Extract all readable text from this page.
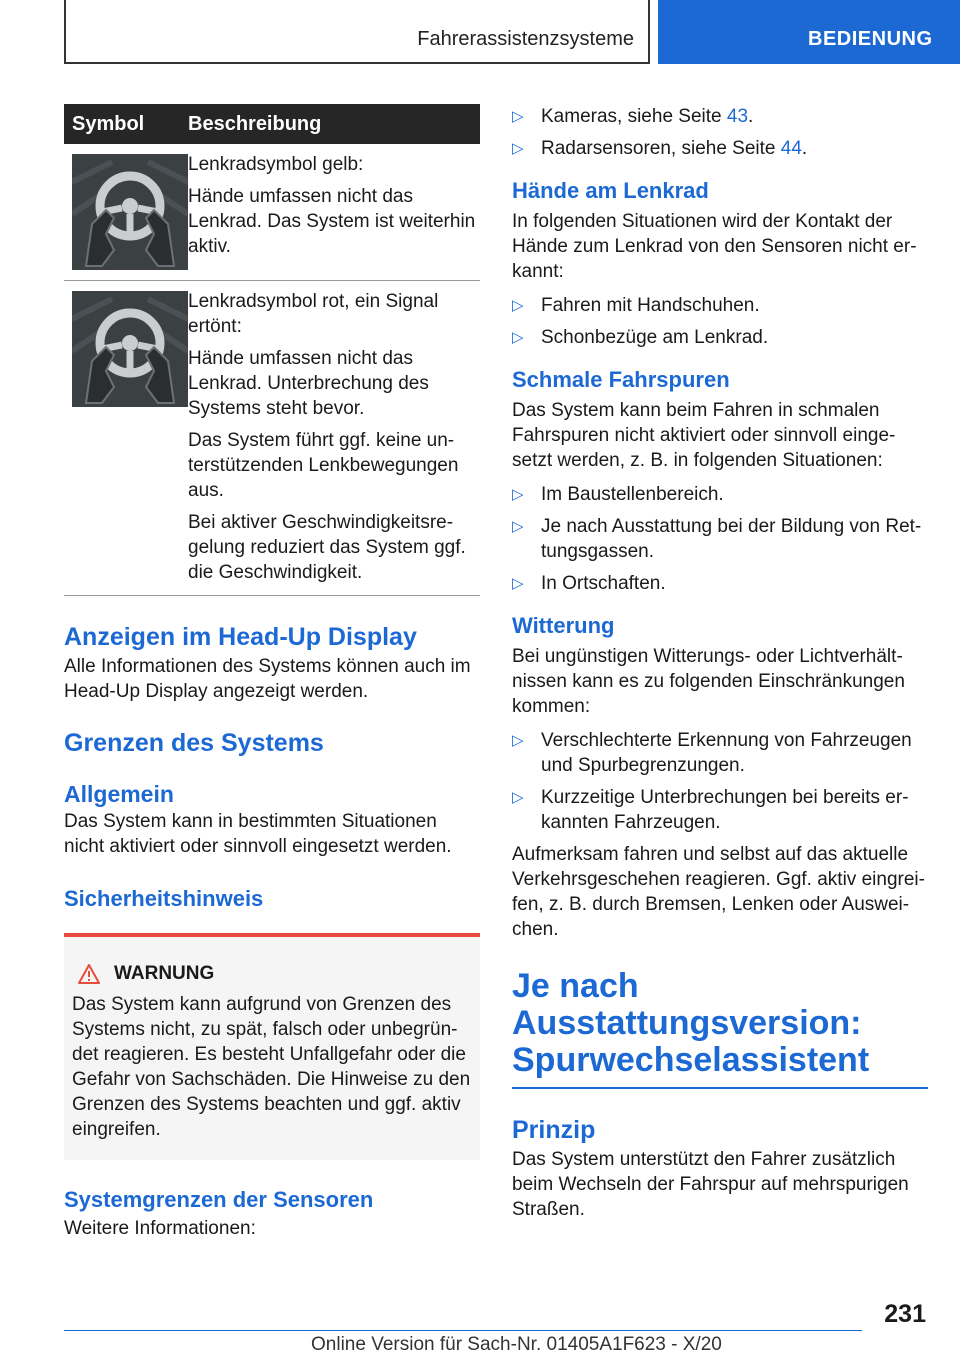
Fahrerassistenzsysteme	BEDIENUNG
Symbol	Beschreibung

Lenkradsymbol gelb:

Hände umfassen nicht das Lenkrad. Das System ist weiterhin aktiv.

Lenkradsymbol rot, ein Signal ertönt:

Hände umfassen nicht das Lenkrad. Unterbrechung des Systems steht bevor.

Das System führt ggf. keine unterstützenden Lenkbewegungen aus.

Bei aktiver Geschwindigkeitsregelung reduziert das System ggf. die Geschwindigkeit.

Anzeigen im Head-Up Display

Alle Informationen des Systems können auch im Head-Up Display angezeigt werden.

Grenzen des Systems
Allgemein

Das System kann in bestimmten Situationen nicht aktiviert oder sinnvoll eingesetzt werden.

Sicherheitshinweis
WARNUNG

Das System kann aufgrund von Grenzen des Systems nicht, zu spät, falsch oder unbegründet reagieren. Es besteht Unfallgefahr oder die Gefahr von Sachschäden. Die Hinweise zu den Grenzen des Systems beachten und ggf. aktiv eingreifen.

Systemgrenzen der Sensoren

Weitere Informationen:

▷ Kameras, siehe Seite 43.
▷ Radarsensoren, siehe Seite 44.
Hände am Lenkrad

In folgenden Situationen wird der Kontakt der Hände zum Lenkrad von den Sensoren nicht erkannt:

▷ Fahren mit Handschuhen.
▷ Schonbezüge am Lenkrad.
Schmale Fahrspuren

Das System kann beim Fahren in schmalen Fahrspuren nicht aktiviert oder sinnvoll eingesetzt werden, z. B. in folgenden Situationen:

▷ Im Baustellenbereich.
▷ Je nach Ausstattung bei der Bildung von Rettungsgassen.
▷ In Ortschaften.
Witterung

Bei ungünstigen Witterungs- oder Lichtverhältnissen kann es zu folgenden Einschränkungen kommen:

▷ Verschlechterte Erkennung von Fahrzeugen und Spurbegrenzungen.
▷ Kurzzeitige Unterbrechungen bei bereits erkannten Fahrzeugen.

Aufmerksam fahren und selbst auf das aktuelle Verkehrsgeschehen reagieren. Ggf. aktiv eingreifen, z. B. durch Bremsen, Lenken oder Ausweichen.

Je nach
Ausstattungsversion:
Spurwechselassistent
Prinzip

Das System unterstützt den Fahrer zusätzlich beim Wechseln der Fahrspur auf mehrspurigen Straßen.

231
Online Version für Sach-Nr. 01405A1F623 - X/20
